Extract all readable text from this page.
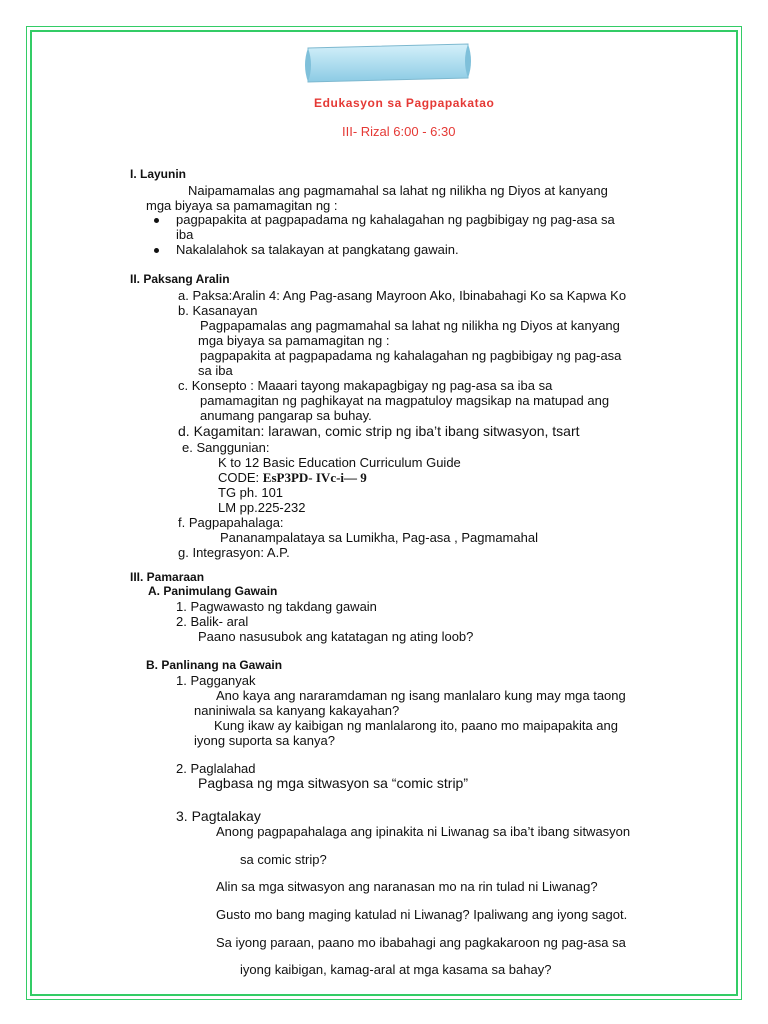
Edukasyon sa Pagpapakatao
III- Rizal 6:00 - 6:30
I. Layunin
Naipamamalas ang pagmamahal sa lahat ng nilikha ng Diyos at kanyang
mga biyaya sa pamamagitan ng :
pagpapakita at pagpapadama ng kahalagahan ng pagbibigay ng pag-asa sa
iba
Nakalalahok sa talakayan at pangkatang gawain.
II. Paksang Aralin
a. Paksa:Aralin 4: Ang Pag-asang Mayroon Ako, Ibinabahagi Ko sa Kapwa Ko
b. Kasanayan
Pagpapamalas ang pagmamahal sa lahat ng nilikha ng Diyos at kanyang
mga biyaya sa pamamagitan ng :
pagpapakita at pagpapadama ng kahalagahan ng pagbibigay ng pag-asa
sa iba
c. Konsepto : Maaari tayong makapagbigay ng pag-asa sa iba sa
pamamagitan ng paghikayat na magpatuloy magsikap na matupad ang
anumang pangarap sa buhay.
d. Kagamitan: larawan, comic strip ng iba’t ibang sitwasyon, tsart
e. Sanggunian:
K to 12 Basic Education Curriculum Guide
CODE: EsP3PD- IVc-i— 9
TG ph. 101
LM pp.225-232
f. Pagpapahalaga:
Pananampalataya sa Lumikha, Pag-asa , Pagmamahal
g. Integrasyon: A.P.
III. Pamaraan
A. Panimulang Gawain
1. Pagwawasto ng takdang gawain
2. Balik- aral
Paano nasusubok ang katatagan ng ating loob?
B. Panlinang na Gawain
1. Pagganyak
Ano kaya ang nararamdaman ng isang manlalaro kung may mga taong
naniniwala sa kanyang kakayahan?
Kung ikaw ay kaibigan ng manlalarong ito, paano mo maipapakita ang
iyong suporta sa kanya?
2. Paglalahad
Pagbasa ng mga sitwasyon sa “comic strip”
3. Pagtalakay
Anong pagpapahalaga ang ipinakita ni Liwanag sa iba’t ibang sitwasyon
sa comic strip?
Alin sa mga sitwasyon ang naranasan mo na rin tulad ni Liwanag?
Gusto mo bang maging katulad ni Liwanag? Ipaliwang ang iyong sagot.
Sa iyong paraan, paano mo ibabahagi ang pagkakaroon ng pag-asa sa
iyong kaibigan, kamag-aral at mga kasama sa bahay?
